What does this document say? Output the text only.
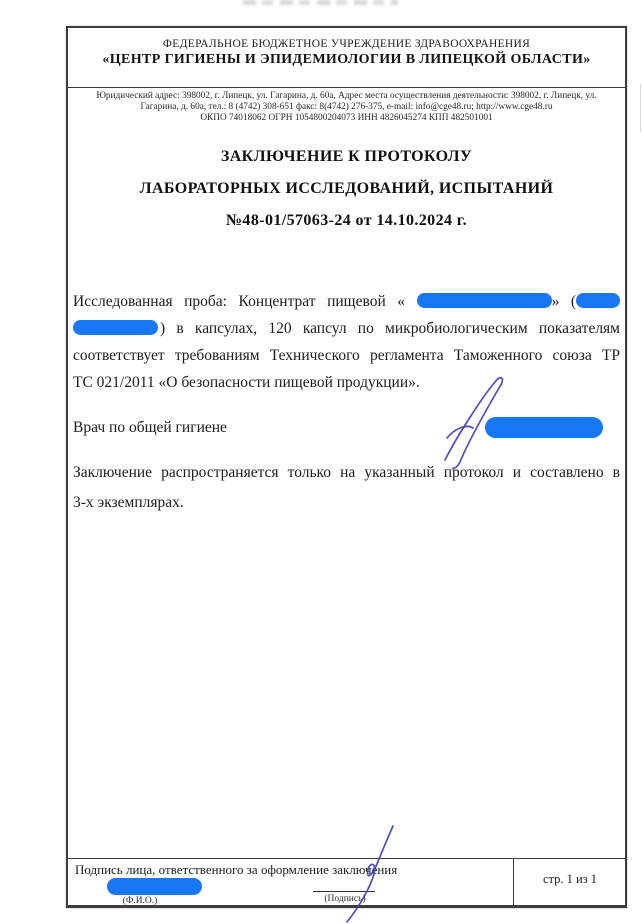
ФЕДЕРАЛЬНОЕ БЮДЖЕТНОЕ УЧРЕЖДЕНИЕ ЗДРАВООХРАНЕНИЯ
«ЦЕНТР ГИГИЕНЫ И ЭПИДЕМИОЛОГИИ В ЛИПЕЦКОЙ ОБЛАСТИ»
Юридический адрес: 398002, г. Липецк, ул. Гагарина, д. 60а, Адрес места осуществления деятельности: 398002, г. Липецк, ул.
Гагарина, д. 60а, тел.: 8 (4742) 308-651 факс: 8(4742) 276-375, e-mail: info@cge48.ru; http://www.cge48.ru
ОКПО 74018062 ОГРН 1054800204073 ИНН 4826045274 КПП 482501001
ЗАКЛЮЧЕНИЕ К ПРОТОКОЛУ
ЛАБОРАТОРНЫХ ИССЛЕДОВАНИЙ, ИСПЫТАНИЙ
№48-01/57063-24 от 14.10.2024 г.
Исследованная проба: Концентрат пищевой «	» (
) в капсулах, 120 капсул по микробиологическим показателям
соответствует требованиям Технического регламента Таможенного союза ТР
ТС 021/2011 «О безопасности пищевой продукции».
Врач по общей гигиене
Заключение распространяется только на указанный протокол и составлено в
3-х экземплярах.
Подпись лица, ответственного за оформление заключения
(Ф.И.О.)	(Подпись)
стр. 1 из 1
